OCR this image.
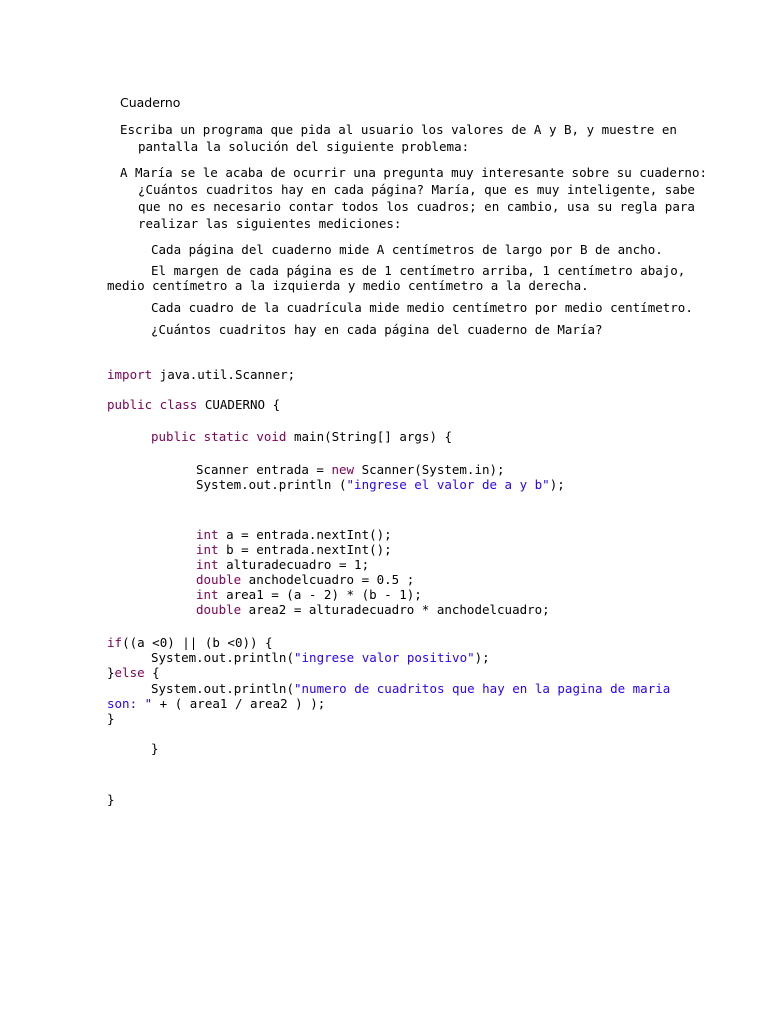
Cuaderno
Escriba un programa que pida al usuario los valores de A y B, y muestre en
pantalla la solución del siguiente problema:
A María se le acaba de ocurrir una pregunta muy interesante sobre su cuaderno:
¿Cuántos cuadritos hay en cada página? María, que es muy inteligente, sabe
que no es necesario contar todos los cuadros; en cambio, usa su regla para
realizar las siguientes mediciones:
Cada página del cuaderno mide A centímetros de largo por B de ancho.
El margen de cada página es de 1 centímetro arriba, 1 centímetro abajo,
medio centímetro a la izquierda y medio centímetro a la derecha.
Cada cuadro de la cuadrícula mide medio centímetro por medio centímetro.
¿Cuántos cuadritos hay en cada página del cuaderno de María?
import java.util.Scanner;
public class CUADERNO {
public static void main(String[] args) {
Scanner entrada = new Scanner(System.in);
System.out.println ("ingrese el valor de a y b");
int a = entrada.nextInt();
int b = entrada.nextInt();
int alturadecuadro = 1;
double anchodelcuadro = 0.5 ;
int area1 = (a - 2) * (b - 1);
double area2 = alturadecuadro * anchodelcuadro;
if((a <0) || (b <0)) {
System.out.println("ingrese valor positivo");
}else {
System.out.println("numero de cuadritos que hay en la pagina de maria
son: " + ( area1 / area2 ) );
}
}
}
